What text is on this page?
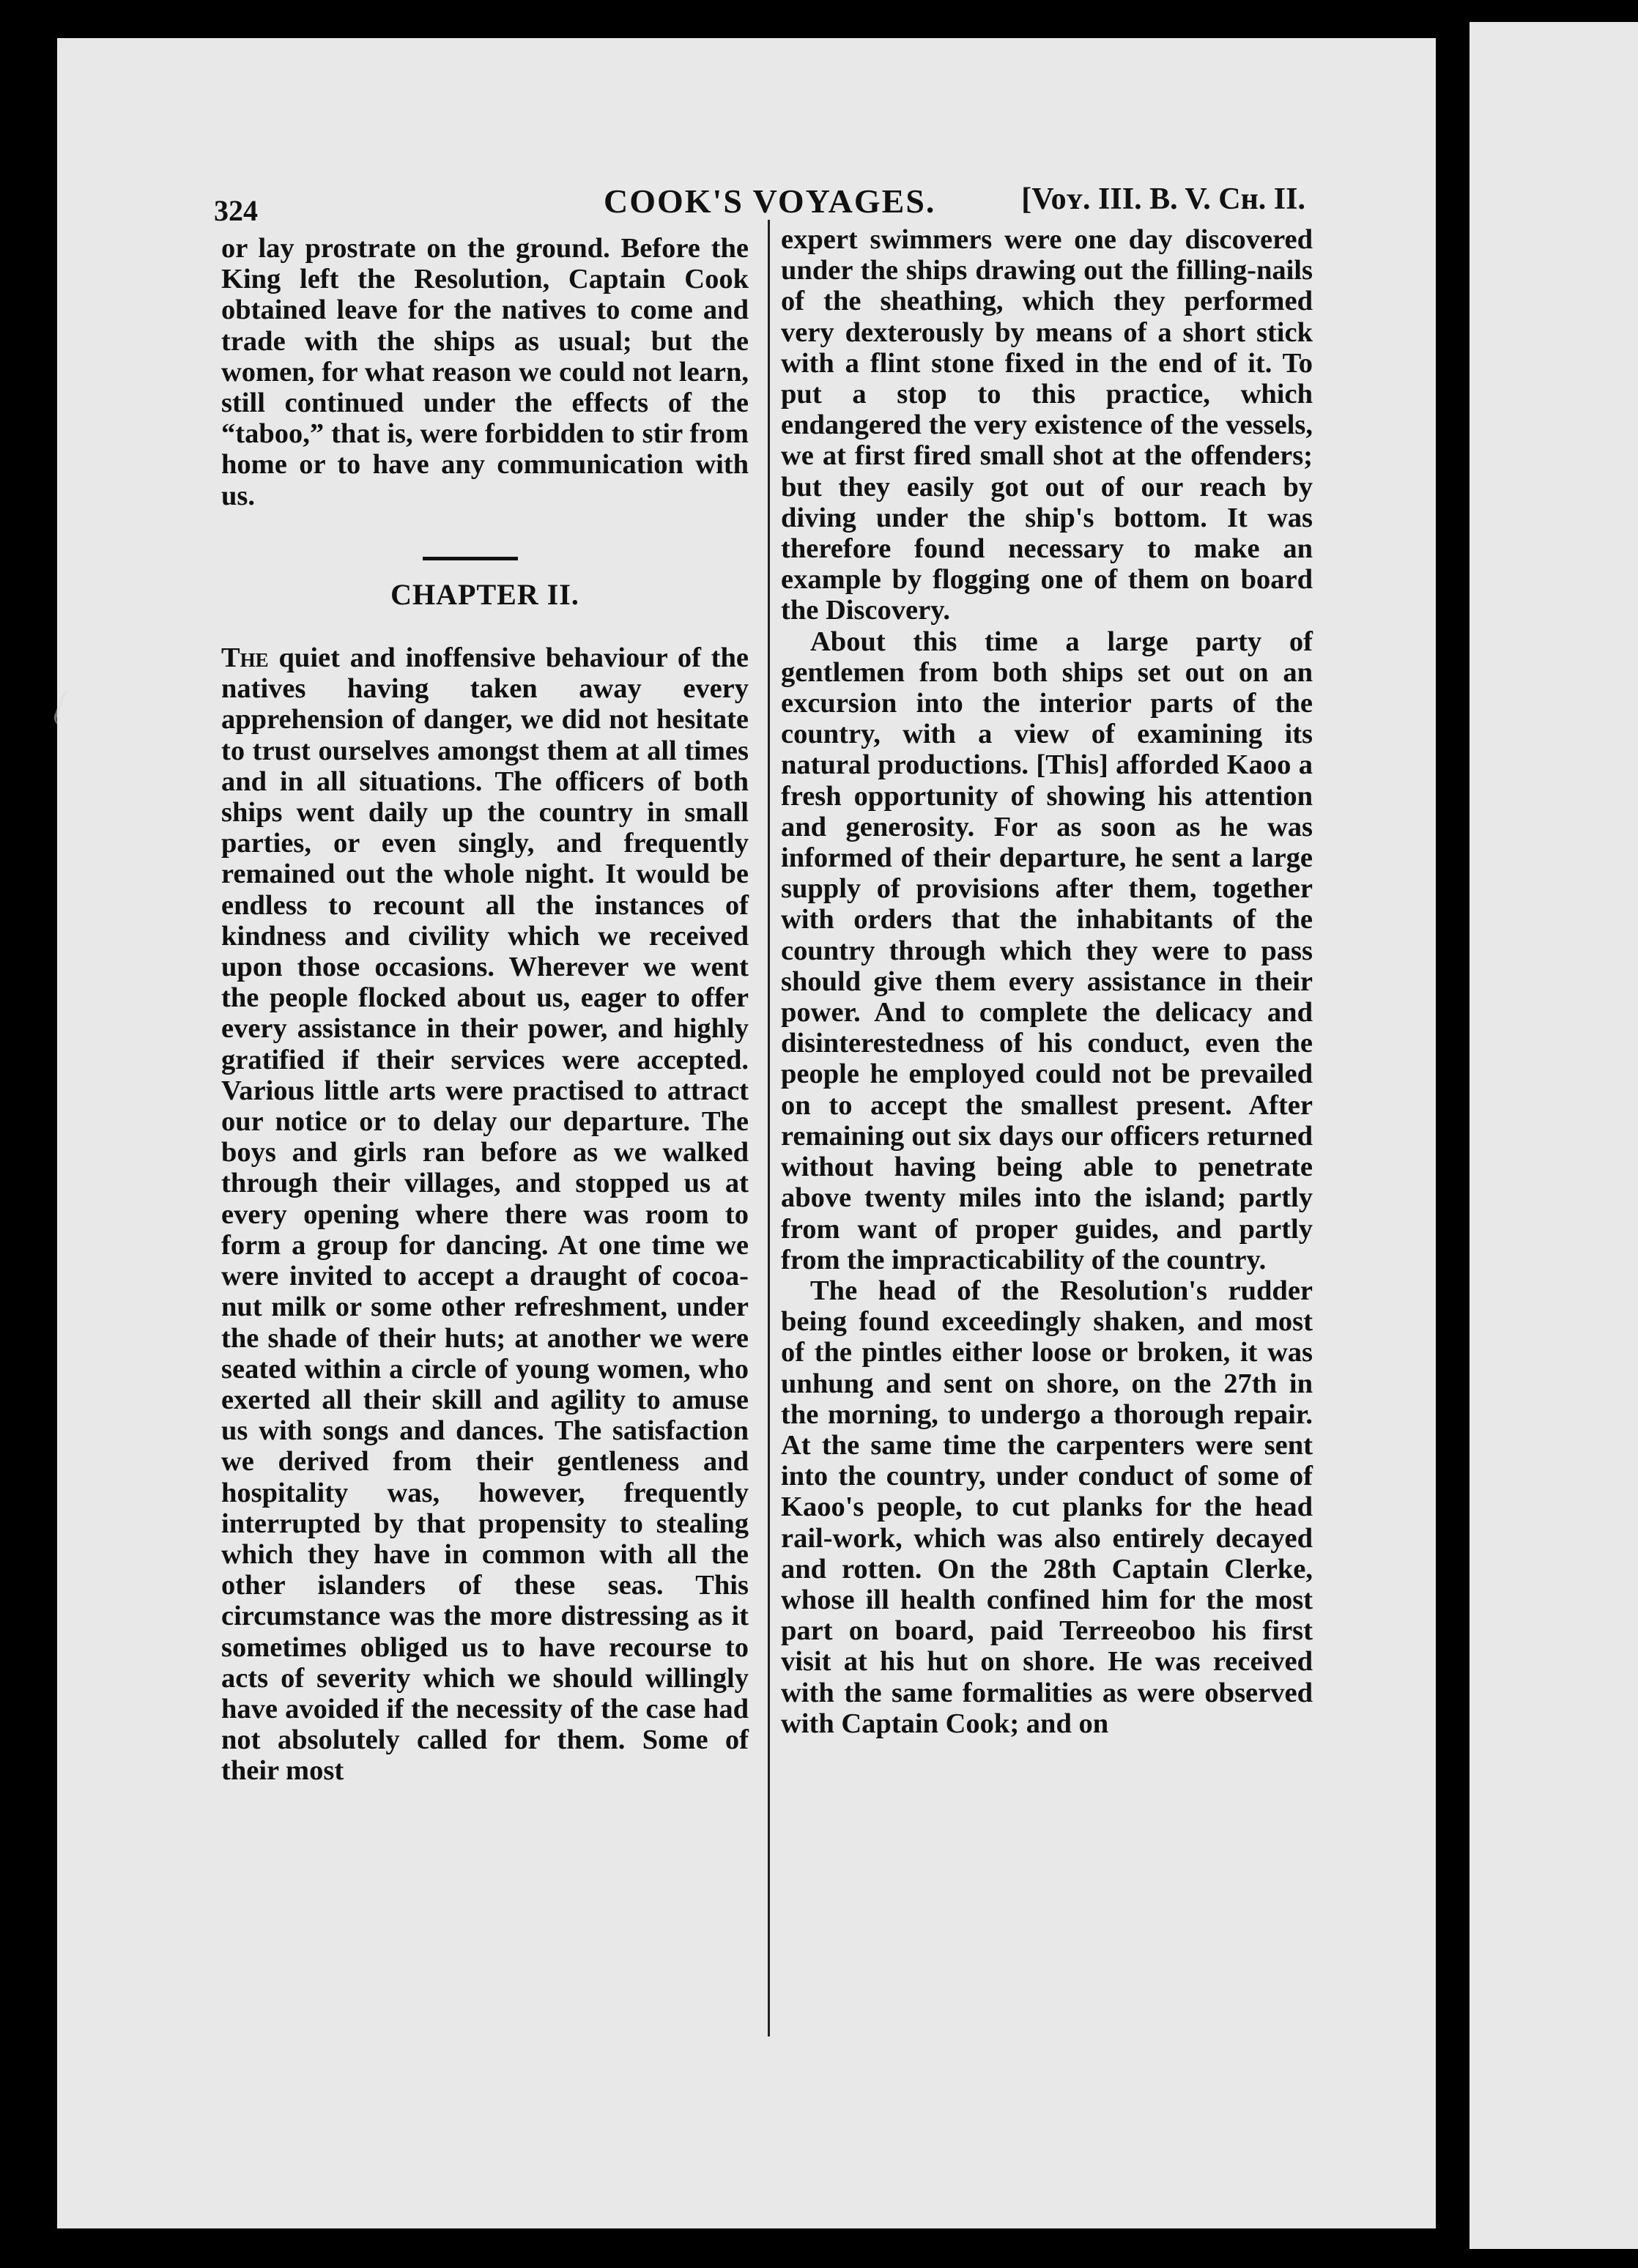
324	COOK'S VOYAGES.	[Voʏ. III. B. V. Cʜ. II.

or lay prostrate on the ground. Before the King left the Resolution, Captain Cook obtained leave for the natives to come and trade with the ships as usual; but the women, for what reason we could not learn, still continued under the effects of the “taboo,” that is, were forbidden to stir from home or to have any communication with us.

CHAPTER II.

The quiet and inoffensive behaviour of the natives having taken away every apprehension of danger, we did not hesitate to trust ourselves amongst them at all times and in all situations. The officers of both ships went daily up the country in small parties, or even singly, and frequently remained out the whole night. It would be endless to recount all the instances of kindness and civility which we received upon those occasions. Wherever we went the people flocked about us, eager to offer every assistance in their power, and highly gratified if their services were accepted. Various little arts were practised to attract our notice or to delay our departure. The boys and girls ran before as we walked through their villages, and stopped us at every opening where there was room to form a group for dancing. At one time we were invited to accept a draught of cocoa-nut milk or some other refreshment, under the shade of their huts; at another we were seated within a circle of young women, who exerted all their skill and agility to amuse us with songs and dances. The satisfaction we derived from their gentleness and hospitality was, however, frequently interrupted by that propensity to stealing which they have in common with all the other islanders of these seas. This circumstance was the more distressing as it sometimes obliged us to have recourse to acts of severity which we should willingly have avoided if the necessity of the case had not absolutely called for them. Some of their most

expert swimmers were one day discovered under the ships drawing out the filling-nails of the sheathing, which they performed very dexterously by means of a short stick with a flint stone fixed in the end of it. To put a stop to this practice, which endangered the very existence of the vessels, we at first fired small shot at the offenders; but they easily got out of our reach by diving under the ship's bottom. It was therefore found necessary to make an example by flogging one of them on board the Discovery.

About this time a large party of gentlemen from both ships set out on an excursion into the interior parts of the country, with a view of examining its natural productions. [This] afforded Kaoo a fresh opportunity of showing his attention and generosity. For as soon as he was informed of their departure, he sent a large supply of provisions after them, together with orders that the inhabitants of the country through which they were to pass should give them every assistance in their power. And to complete the delicacy and disinterestedness of his conduct, even the people he employed could not be prevailed on to accept the smallest present. After remaining out six days our officers returned without having being able to penetrate above twenty miles into the island; partly from want of proper guides, and partly from the impracticability of the country.

The head of the Resolution's rudder being found exceedingly shaken, and most of the pintles either loose or broken, it was unhung and sent on shore, on the 27th in the morning, to undergo a thorough repair. At the same time the carpenters were sent into the country, under conduct of some of Kaoo's people, to cut planks for the head rail-work, which was also entirely decayed and rotten. On the 28th Captain Clerke, whose ill health confined him for the most part on board, paid Terreeoboo his first visit at his hut on shore. He was received with the same formalities as were observed with Captain Cook; and on
